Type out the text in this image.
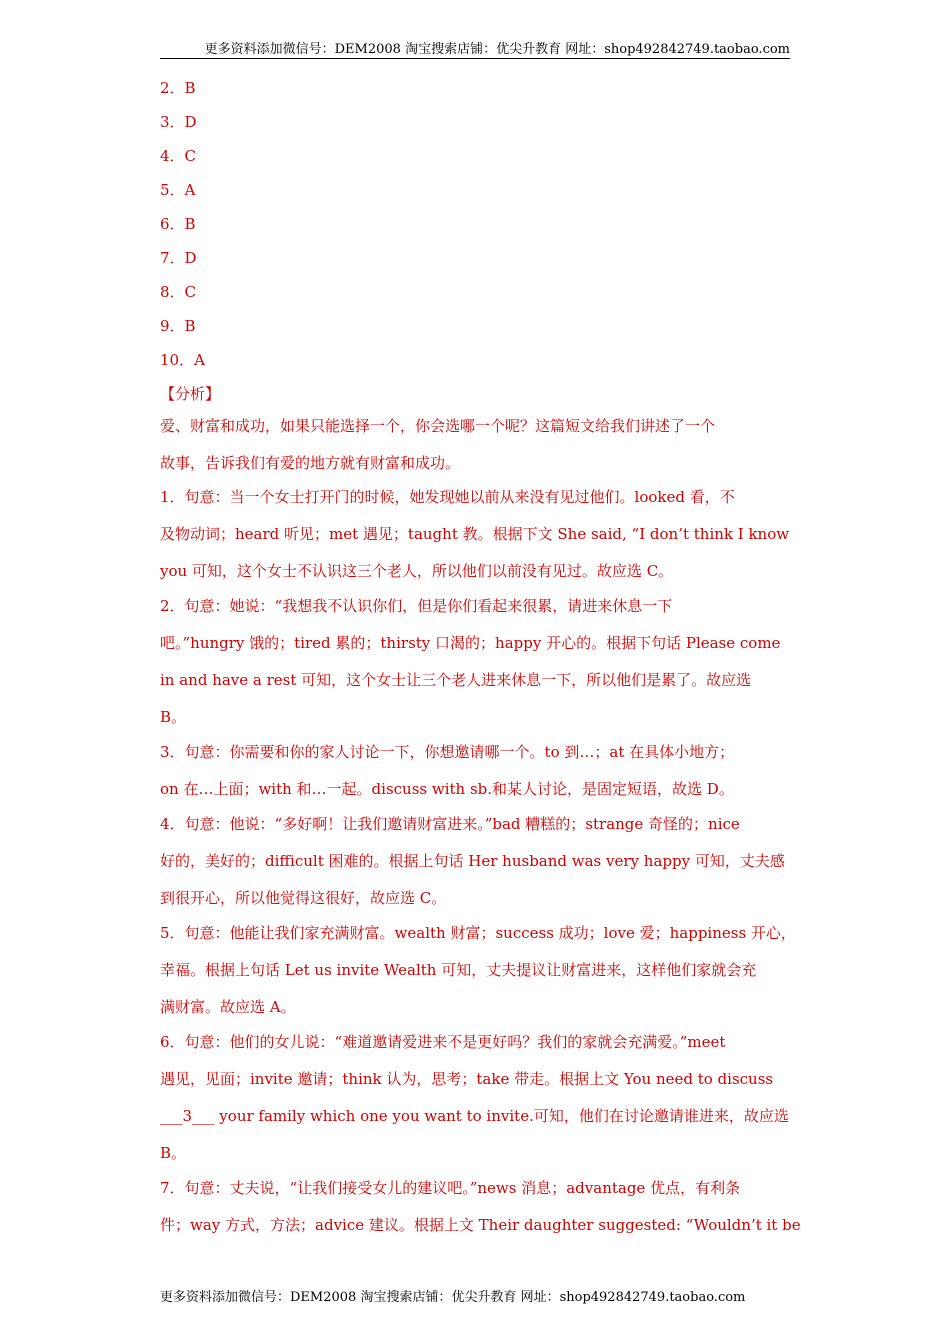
更多资料添加微信号：DEM2008 淘宝搜索店铺：优尖升教育 网址：shop492842749.taobao.com
2．B
3．D
4．C
5．A
6．B
7．D
8．C
9．B
10．A
【分析】
爱、财富和成功，如果只能选择一个，你会选哪一个呢？这篇短文给我们讲述了一个
故事，告诉我们有爱的地方就有财富和成功。
1．句意：当一个女士打开门的时候，她发现她以前从来没有见过他们。looked 看，不
及物动词；heard 听见；met 遇见；taught 教。根据下文 She said, “I don’t think I know
you 可知，这个女士不认识这三个老人，所以他们以前没有见过。故应选 C。
2．句意：她说：“我想我不认识你们，但是你们看起来很累，请进来休息一下
吧。”hungry 饿的；tired 累的；thirsty 口渴的；happy 开心的。根据下句话 Please come
in and have a rest 可知，这个女士让三个老人进来休息一下，所以他们是累了。故应选
B。
3．句意：你需要和你的家人讨论一下，你想邀请哪一个。to 到…；at 在具体小地方；
on 在…上面；with 和…一起。discuss with sb.和某人讨论，是固定短语，故选 D。
4．句意：他说：“多好啊！让我们邀请财富进来。”bad 糟糕的；strange 奇怪的；nice
好的，美好的；difficult 困难的。根据上句话 Her husband was very happy 可知，丈夫感
到很开心，所以他觉得这很好，故应选 C。
5．句意：他能让我们家充满财富。wealth 财富；success 成功；love 爱；happiness 开心，
幸福。根据上句话 Let us invite Wealth 可知，丈夫提议让财富进来，这样他们家就会充
满财富。故应选 A。
6．句意：他们的女儿说：“难道邀请爱进来不是更好吗？我们的家就会充满爱。”meet
遇见，见面；invite 邀请；think 认为，思考；take 带走。根据上文 You need to discuss
___3___ your family which one you want to invite.可知，他们在讨论邀请谁进来，故应选
B。
7．句意：丈夫说，“让我们接受女儿的建议吧。”news 消息；advantage 优点，有利条
件；way 方式，方法；advice 建议。根据上文 Their daughter suggested: “Wouldn’t it be
更多资料添加微信号：DEM2008 淘宝搜索店铺：优尖升教育 网址：shop492842749.taobao.com
